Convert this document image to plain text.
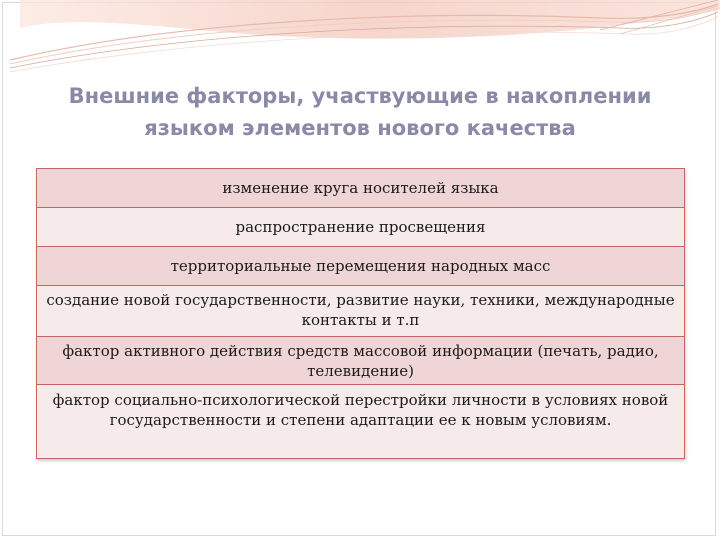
Внешние факторы, участвующие в накоплении
языком элементов нового качества
изменение круга носителей языка
распространение просвещения
территориальные перемещения народных масс
создание новой государственности, развитие науки, техники, международные контакты и т.п
фактор активного действия средств массовой информации (печать, радио, телевидение)
фактор социально-психологической перестройки личности в условиях новой государственности и степени адаптации ее к новым условиям.
